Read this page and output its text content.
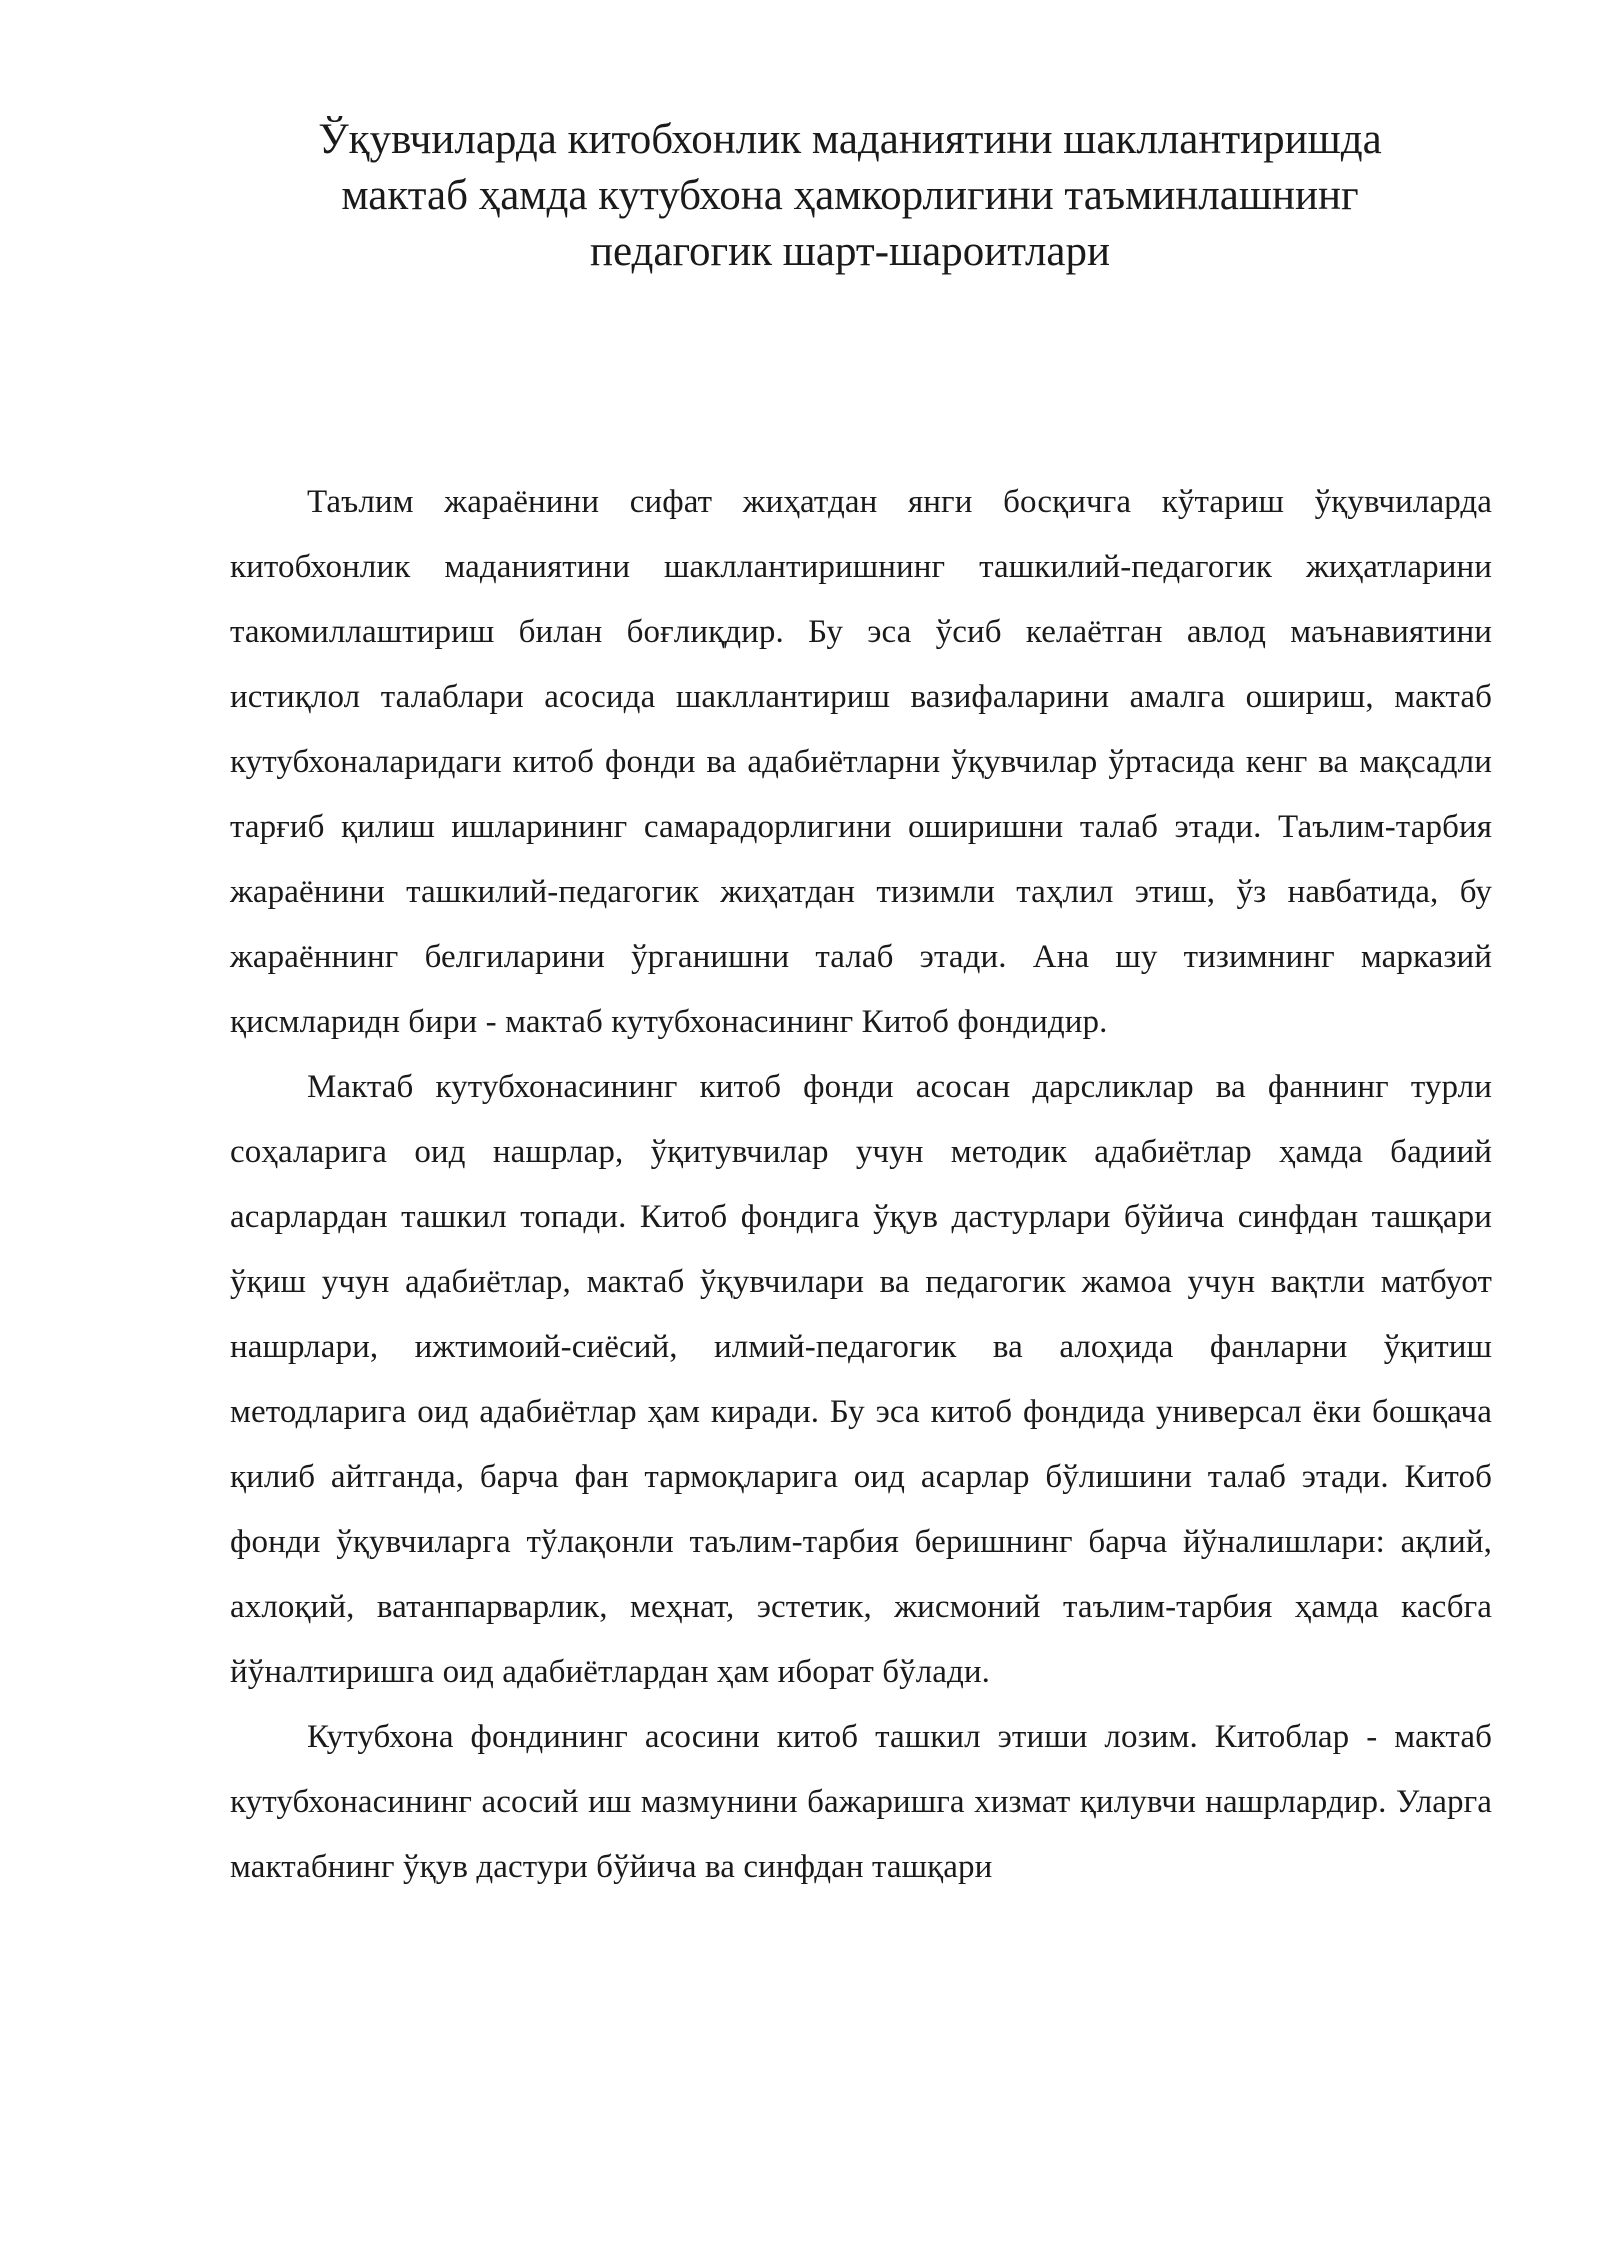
Ўқувчиларда китобхонлик маданиятини шакллантиришда
мактаб ҳамда кутубхона ҳамкорлигини таъминлашнинг
педагогик шарт-шароитлари

Таълим жараёнини сифат жиҳатдан янги босқичга кўтариш ўқувчиларда китобхонлик маданиятини шакллантиришнинг ташкилий-педагогик жиҳатларини такомиллаштириш билан боғлиқдир. Бу эса ўсиб келаётган авлод маънавиятини истиқлол талаблари асосида шакллантириш вазифаларини амалга ошириш, мактаб кутубхоналаридаги китоб фонди ва адабиётларни ўқувчилар ўртасида кенг ва мақсадли тарғиб қилиш ишларининг самарадорлигини оширишни талаб этади. Таълим-тарбия жараёнини ташкилий-педагогик жиҳатдан тизимли таҳлил этиш, ўз навбатида, бу жараённинг белгиларини ўрганишни талаб этади. Ана шу тизимнинг марказий қисмларидн бири - мактаб кутубхонасининг Китоб фондидир.

Мактаб кутубхонасининг китоб фонди асосан дарсликлар ва фаннинг турли соҳаларига оид нашрлар, ўқитувчилар учун методик адабиётлар ҳамда бадиий асарлардан ташкил топади. Китоб фондига ўқув дастурлари бўйича синфдан ташқари ўқиш учун адабиётлар, мактаб ўқувчилари ва педагогик жамоа учун вақтли матбуот нашрлари, ижтимоий-сиёсий, илмий-педагогик ва алоҳида фанларни ўқитиш методларига оид адабиётлар ҳам киради. Бу эса китоб фондида универсал ёки бошқача қилиб айтганда, барча фан тармоқларига оид асарлар бўлишини талаб этади. Китоб фонди ўқувчиларга тўлақонли таълим-тарбия беришнинг барча йўналишлари: ақлий, ахлоқий, ватанпарварлик, меҳнат, эстетик, жисмоний таълим-тарбия ҳамда касбга йўналтиришга оид адабиётлардан ҳам иборат бўлади.

Кутубхона фондининг асосини китоб ташкил этиши лозим. Китоблар - мактаб кутубхонасининг асосий иш мазмунини бажаришга хизмат қилувчи нашрлардир. Уларга мактабнинг ўқув дастури бўйича ва синфдан ташқари
